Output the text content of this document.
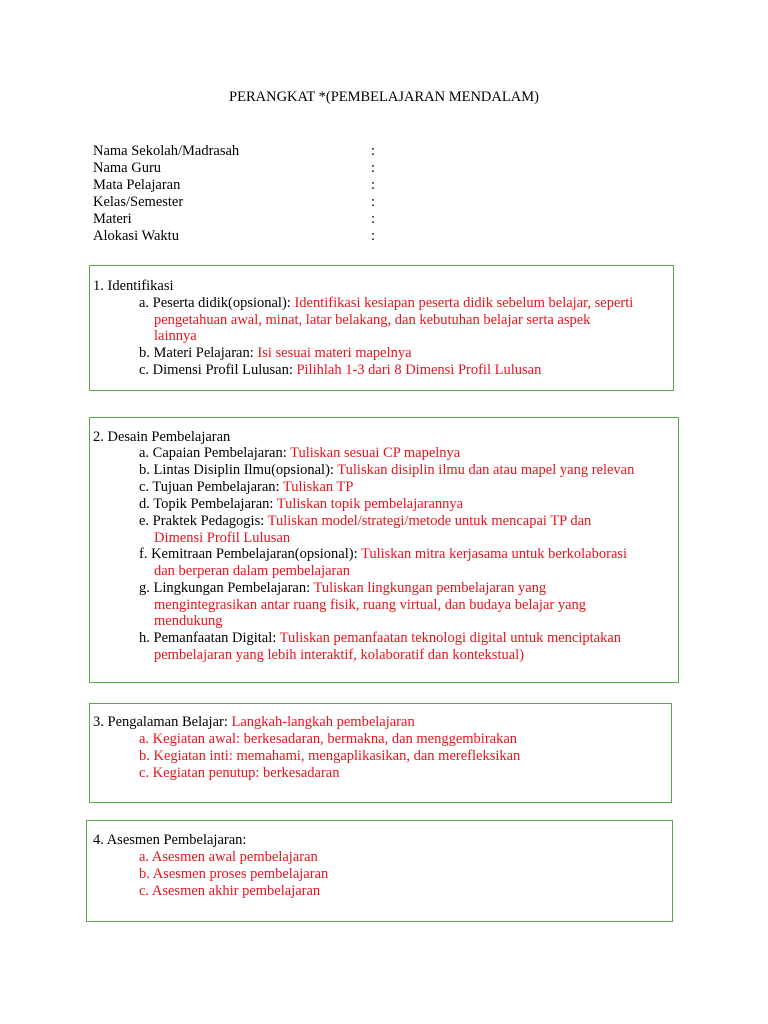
PERANGKAT *(PEMBELAJARAN MENDALAM)
Nama Sekolah/Madrasah	:
Nama Guru	:
Mata Pelajaran	:
Kelas/Semester	:
Materi	:
Alokasi Waktu	:
1. Identifikasi
a. Peserta didik(opsional): Identifikasi kesiapan peserta didik sebelum belajar, seperti
pengetahuan awal, minat, latar belakang, dan kebutuhan belajar serta aspek
lainnya
b. Materi Pelajaran: Isi sesuai materi mapelnya
c. Dimensi Profil Lulusan: Pilihlah 1-3 dari 8 Dimensi Profil Lulusan
2. Desain Pembelajaran
a. Capaian Pembelajaran: Tuliskan sesuai CP mapelnya
b. Lintas Disiplin Ilmu(opsional): Tuliskan disiplin ilmu dan atau mapel yang relevan
c. Tujuan Pembelajaran: Tuliskan TP
d. Topik Pembelajaran: Tuliskan topik pembelajarannya
e. Praktek Pedagogis: Tuliskan model/strategi/metode untuk mencapai TP dan
Dimensi Profil Lulusan
f. Kemitraan Pembelajaran(opsional): Tuliskan mitra kerjasama untuk berkolaborasi
dan berperan dalam pembelajaran
g. Lingkungan Pembelajaran: Tuliskan lingkungan pembelajaran yang
mengintegrasikan antar ruang fisik, ruang virtual, dan budaya belajar yang
mendukung
h. Pemanfaatan Digital: Tuliskan pemanfaatan teknologi digital untuk menciptakan
pembelajaran yang lebih interaktif, kolaboratif dan kontekstual)
3. Pengalaman Belajar: Langkah-langkah pembelajaran
a. Kegiatan awal: berkesadaran, bermakna, dan menggembirakan
b. Kegiatan inti: memahami, mengaplikasikan, dan merefleksikan
c. Kegiatan penutup: berkesadaran
4. Asesmen Pembelajaran:
a. Asesmen awal pembelajaran
b. Asesmen proses pembelajaran
c. Asesmen akhir pembelajaran
